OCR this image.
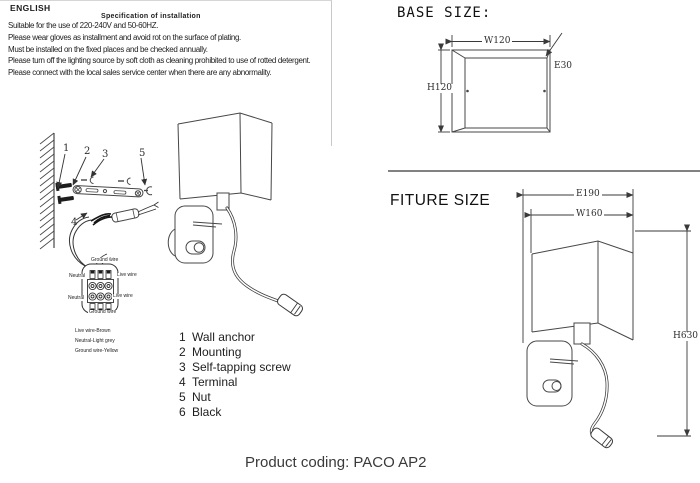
ENGLISH
Specification of installation
Suitable for the use of 220-240V and 50-60HZ.
Please wear gloves as installment and avoid rot on the surface of plating.
Must be installed on the fixed places and be checked annually.
Please turn off the lighting source by soft cloth as cleaning prohibited to use of rotted detergent.
Please connect with the local sales service center when there are any abnormality.
BASE SIZE:
W120
H120
E30
FITURE SIZE	E190
W160
H630
1 2 3	5
4
Ground wire
Neutral	Live wire
Neutral	Live wire
Ground wire
Live wire-Brown
Neutral-Light grey
Ground wire-Yellow
1 Wall anchor
2 Mounting
3 Self-tapping screw
4 Terminal
5 Nut
6 Black
Product coding: PACO AP2
